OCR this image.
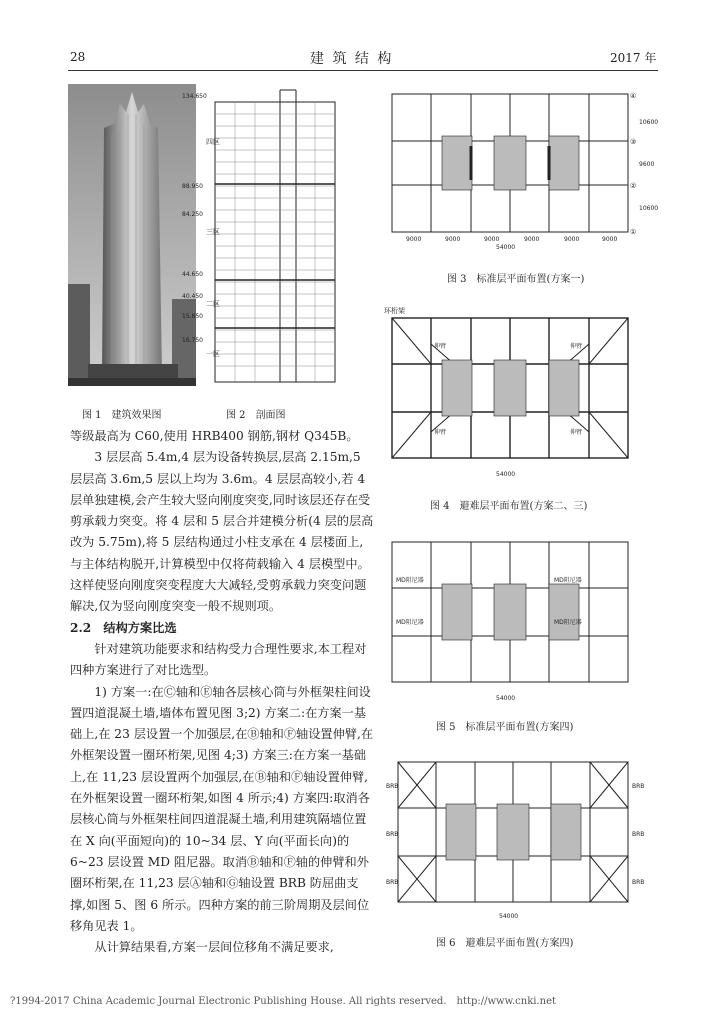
28	建 筑 结 构	2017 年
134.650
88.950
84.250
44.650
40.450
15.850
16.750
四区
三区
二区
一区
图 1　建筑效果图	图 2　剖面图

等级最高为 C60,使用 HRB400 钢筋,钢材 Q345B。

3 层层高 5.4m,4 层为设备转换层,层高 2.15m,5 层层高 3.6m,5 层以上均为 3.6m。4 层层高较小,若 4 层单独建模,会产生较大竖向刚度突变,同时该层还存在受剪承载力突变。将 4 层和 5 层合并建模分析(4 层的层高改为 5.75m),将 5 层结构通过小柱支承在 4 层楼面上,与主体结构脱开,计算模型中仅将荷载输入 4 层模型中。这样使竖向刚度突变程度大大减轻,受剪承载力突变问题解决,仅为竖向刚度突变一般不规则项。

2.2　结构方案比选

针对建筑功能要求和结构受力合理性要求,本工程对四种方案进行了对比选型。

1) 方案一:在Ⓒ轴和Ⓔ轴各层核心筒与外框架柱间设置四道混凝土墙,墙体布置见图 3;2) 方案二:在方案一基础上,在 23 层设置一个加强层,在Ⓑ轴和Ⓕ轴设置伸臂,在外框架设置一圈环桁架,见图 4;3) 方案三:在方案一基础上,在 11,23 层设置两个加强层,在Ⓑ轴和Ⓕ轴设置伸臂,在外框架设置一圈环桁架,如图 4 所示;4) 方案四:取消各层核心筒与外框架柱间四道混凝土墙,利用建筑隔墙位置在 X 向(平面短向)的 10~34 层、Y 向(平面长向)的 6~23 层设置 MD 阻尼器。取消Ⓑ轴和Ⓕ轴的伸臂和外圈环桁架,在 11,23 层Ⓐ轴和Ⓖ轴设置 BRB 防屈曲支撑,如图 5、图 6 所示。四种方案的前三阶周期及层间位移角见表 1。

从计算结果看,方案一层间位移角不满足要求,

④
③
②
①
10600
9600
10600
9000	9000	9000	9000	9000	9000
54000
图 3　标准层平面布置(方案一)
环桁架
伸臂	伸臂
伸臂	伸臂
54000
图 4　避难层平面布置(方案二、三)
MD阻尼器	MD阻尼器
MD阻尼器	MD阻尼器
54000
图 5　标准层平面布置(方案四)
BRB
BRB
BRB
BRB
BRB
BRB
54000
图 6　避难层平面布置(方案四)
?1994-2017 China Academic Journal Electronic Publishing House. All rights reserved.　http://www.cnki.net
